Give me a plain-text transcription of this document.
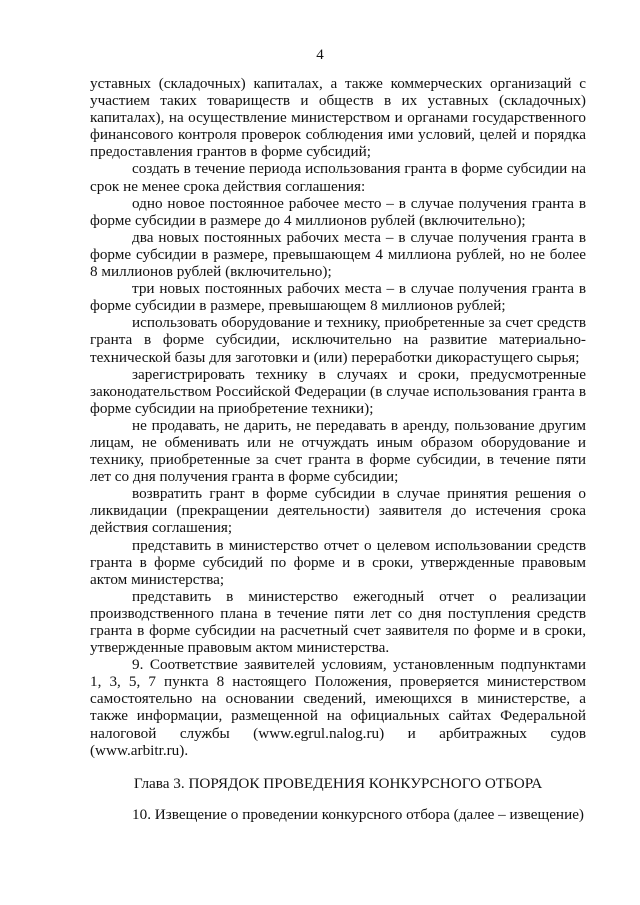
4

уставных (складочных) капиталах, а также коммерческих организаций с участием таких товариществ и обществ в их уставных (складочных) капиталах), на осуществление министерством и органами государственного финансового контроля проверок соблюдения ими условий, целей и порядка предоставления грантов в форме субсидий;

создать в течение периода использования гранта в форме субсидии на срок не менее срока действия соглашения:

одно новое постоянное рабочее место – в случае получения гранта в форме субсидии в размере до 4 миллионов рублей (включительно);

два новых постоянных рабочих места – в случае получения гранта в форме субсидии в размере, превышающем 4 миллиона рублей, но не более 8 миллионов рублей (включительно);

три новых постоянных рабочих места – в случае получения гранта в форме субсидии в размере, превышающем 8 миллионов рублей;

использовать оборудование и технику, приобретенные за счет средств гранта в форме субсидии, исключительно на развитие материально-технической базы для заготовки и (или) переработки дикорастущего сырья;

зарегистрировать технику в случаях и сроки, предусмотренные законодательством Российской Федерации (в случае использования гранта в форме субсидии на приобретение техники);

не продавать, не дарить, не передавать в аренду, пользование другим лицам, не обменивать или не отчуждать иным образом оборудование и технику, приобретенные за счет гранта в форме субсидии, в течение пяти лет со дня получения гранта в форме субсидии;

возвратить грант в форме субсидии в случае принятия решения о ликвидации (прекращении деятельности) заявителя до истечения срока действия соглашения;

представить в министерство отчет о целевом использовании средств гранта в форме субсидий по форме и в сроки, утвержденные правовым актом министерства;

представить в министерство ежегодный отчет о реализации производственного плана в течение пяти лет со дня поступления средств гранта в форме субсидии на расчетный счет заявителя по форме и в сроки, утвержденные правовым актом министерства.

9. Соответствие заявителей условиям, установленным подпунктами 1, 3, 5, 7 пункта 8 настоящего Положения, проверяется министерством самостоятельно на основании сведений, имеющихся в министерстве, а также информации, размещенной на официальных сайтах Федеральной налоговой службы (www.egrul.nalog.ru) и арбитражных судов (www.arbitr.ru).

Глава 3. ПОРЯДОК ПРОВЕДЕНИЯ КОНКУРСНОГО ОТБОРА

10. Извещение о проведении конкурсного отбора (далее – извещение)
